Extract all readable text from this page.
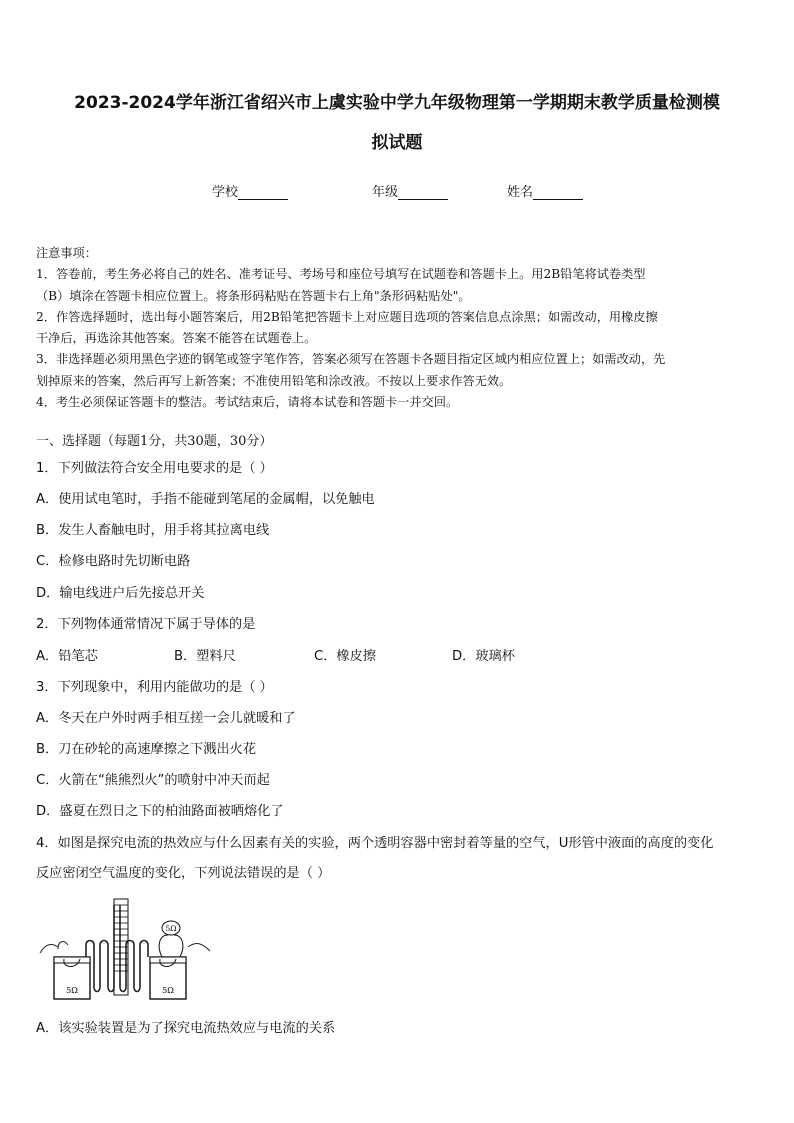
2023-2024学年浙江省绍兴市上虞实验中学九年级物理第一学期期末教学质量检测模
拟试题
学校	年级	姓名

注意事项：

1．答卷前，考生务必将自己的姓名、准考证号、考场号和座位号填写在试题卷和答题卡上。用2B铅笔将试卷类型

（B）填涂在答题卡相应位置上。将条形码粘贴在答题卡右上角"条形码粘贴处"。

2．作答选择题时，选出每小题答案后，用2B铅笔把答题卡上对应题目选项的答案信息点涂黑；如需改动，用橡皮擦

干净后，再选涂其他答案。答案不能答在试题卷上。

3．非选择题必须用黑色字迹的钢笔或签字笔作答，答案必须写在答题卡各题目指定区域内相应位置上；如需改动，先

划掉原来的答案，然后再写上新答案；不准使用铅笔和涂改液。不按以上要求作答无效。

4．考生必须保证答题卡的整洁。考试结束后，请将本试卷和答题卡一并交回。

一、选择题（每题1分，共30题，30分）
1．下列做法符合安全用电要求的是（ ）
A．使用试电笔时，手指不能碰到笔尾的金属帽，以免触电
B．发生人畜触电时，用手将其拉离电线
C．检修电路时先切断电路
D．输电线进户后先接总开关
2．下列物体通常情况下属于导体的是
A．铅笔芯	B．塑料尺	C．橡皮擦	D．玻璃杯
3．下列现象中，利用内能做功的是（ ）
A．冬天在户外时两手相互搓一会儿就暖和了
B．刀在砂轮的高速摩擦之下溅出火花
C．火箭在“熊熊烈火”的喷射中冲天而起
D．盛夏在烈日之下的柏油路面被晒熔化了
4．如图是探究电流的热效应与什么因素有关的实验，两个透明容器中密封着等量的空气，U形管中液面的高度的变化
反应密闭空气温度的变化，下列说法错误的是（ ）
5Ω	5Ω
5Ω
A．该实验装置是为了探究电流热效应与电流的关系
